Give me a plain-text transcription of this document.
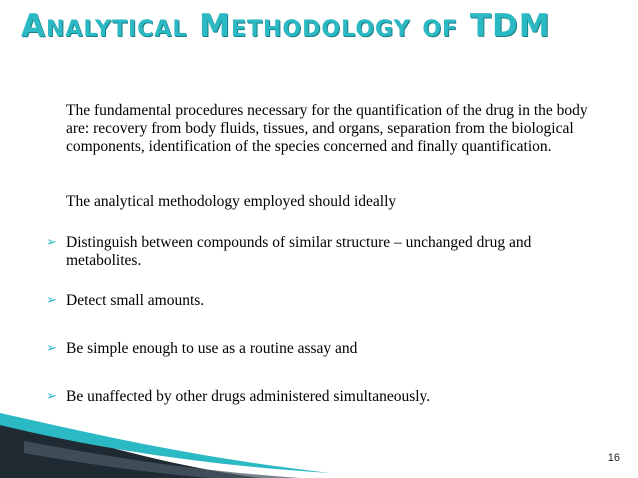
Analytical Methodology of TDM

The fundamental procedures necessary for the quantification of the drug in the body are: recovery from body fluids, tissues, and organs, separation from the biological components, identification of the species concerned and finally quantification.

The analytical methodology employed should ideally

➢ Distinguish between compounds of similar structure – unchanged drug and metabolites.
➢ Detect small amounts.
➢ Be simple enough to use as a routine assay and
➢ Be unaffected by other drugs administered simultaneously.
16
